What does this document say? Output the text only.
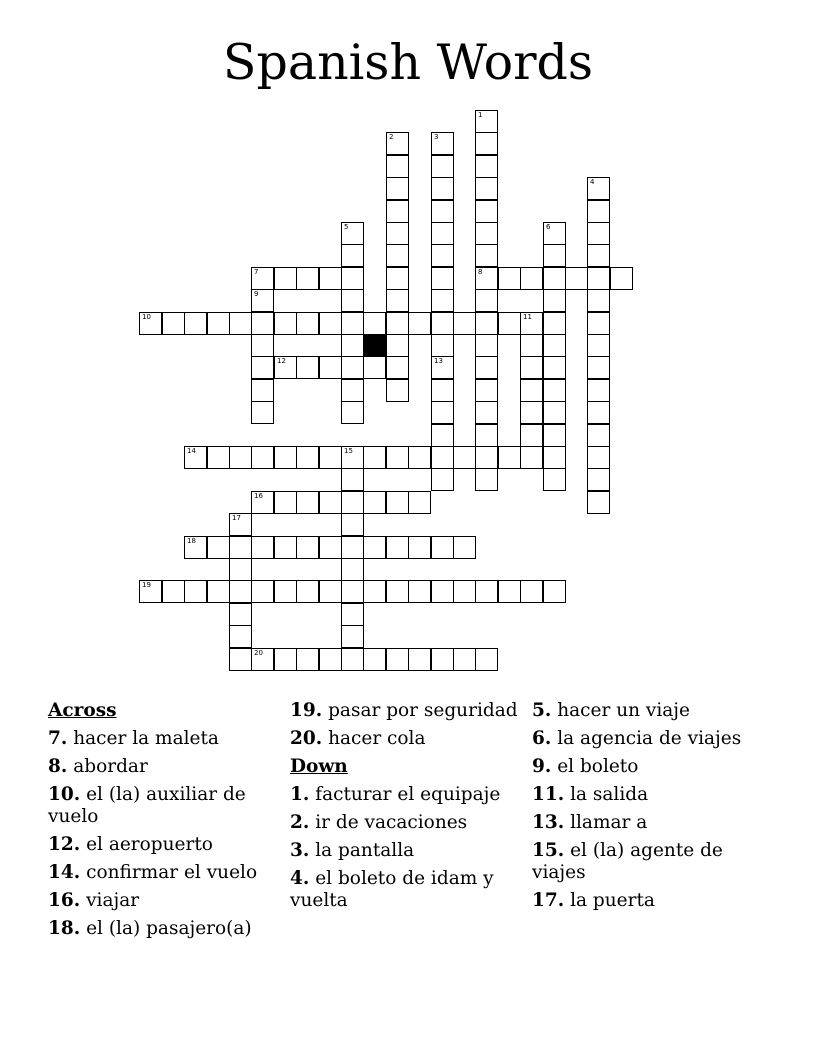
Spanish Words
7	8
10	11
12
14	15
16
18
19
20
1
2	3
4
5	6
9
13
17
Across
7. hacer la maleta
8. abordar
10. el (la) auxiliar de vuelo
12. el aeropuerto
14. confirmar el vuelo
16. viajar
18. el (la) pasajero(a)
19. pasar por seguridad
20. hacer cola
Down
1. facturar el equipaje
2. ir de vacaciones
3. la pantalla
4. el boleto de idam y vuelta
5. hacer un viaje
6. la agencia de viajes
9. el boleto
11. la salida
13. llamar a
15. el (la) agente de viajes
17. la puerta
